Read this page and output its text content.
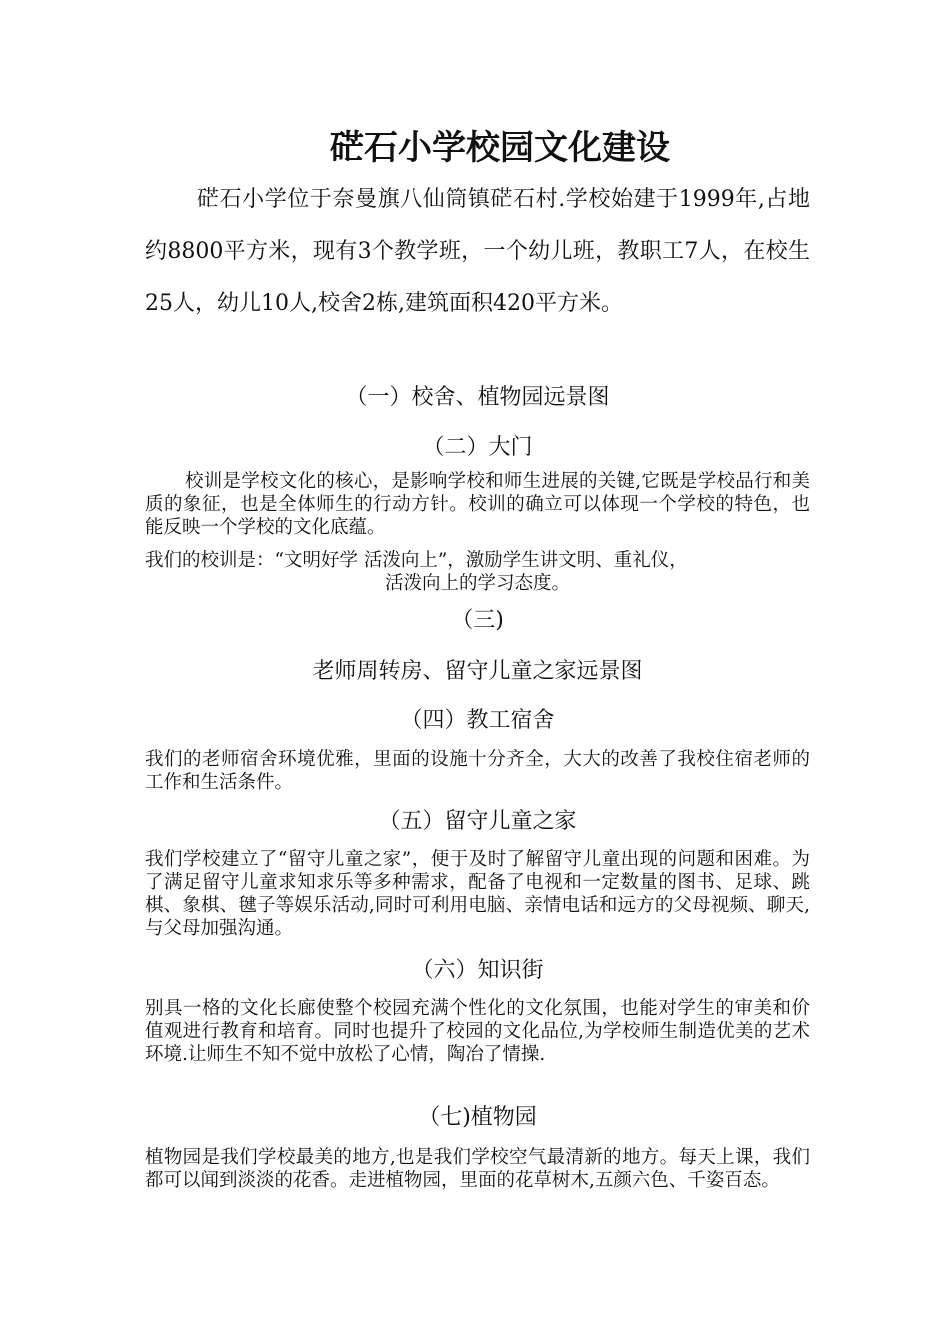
硭石小学校园文化建设

硭石小学位于奈曼旗八仙筒镇硭石村.学校始建于1999年,占地约8800平方米，现有3个教学班，一个幼儿班，教职工7人，在校生25人，幼儿10人,校舍2栋,建筑面积420平方米。

（一）校舍、植物园远景图

（二）大门

校训是学校文化的核心，是影响学校和师生进展的关键,它既是学校品行和美质的象征，也是全体师生的行动方针。校训的确立可以体现一个学校的特色，也能反映一个学校的文化底蕴。

我们的校训是：“文明好学 活泼向上”，激励学生讲文明、重礼仪，

活泼向上的学习态度。

（三)

老师周转房、留守儿童之家远景图

（四）教工宿舍

我们的老师宿舍环境优雅，里面的设施十分齐全，大大的改善了我校住宿老师的工作和生活条件。

（五）留守儿童之家

我们学校建立了“留守儿童之家”，便于及时了解留守儿童出现的问题和困难。为了满足留守儿童求知求乐等多种需求，配备了电视和一定数量的图书、足球、跳棋、象棋、毽子等娱乐活动,同时可利用电脑、亲情电话和远方的父母视频、聊天,与父母加强沟通。

（六）知识街

别具一格的文化长廊使整个校园充满个性化的文化氛围，也能对学生的审美和价值观进行教育和培育。同时也提升了校园的文化品位,为学校师生制造优美的艺术环境.让师生不知不觉中放松了心情，陶冶了情操.

（七)植物园

植物园是我们学校最美的地方,也是我们学校空气最清新的地方。每天上课，我们都可以闻到淡淡的花香。走进植物园，里面的花草树木,五颜六色、千姿百态。
